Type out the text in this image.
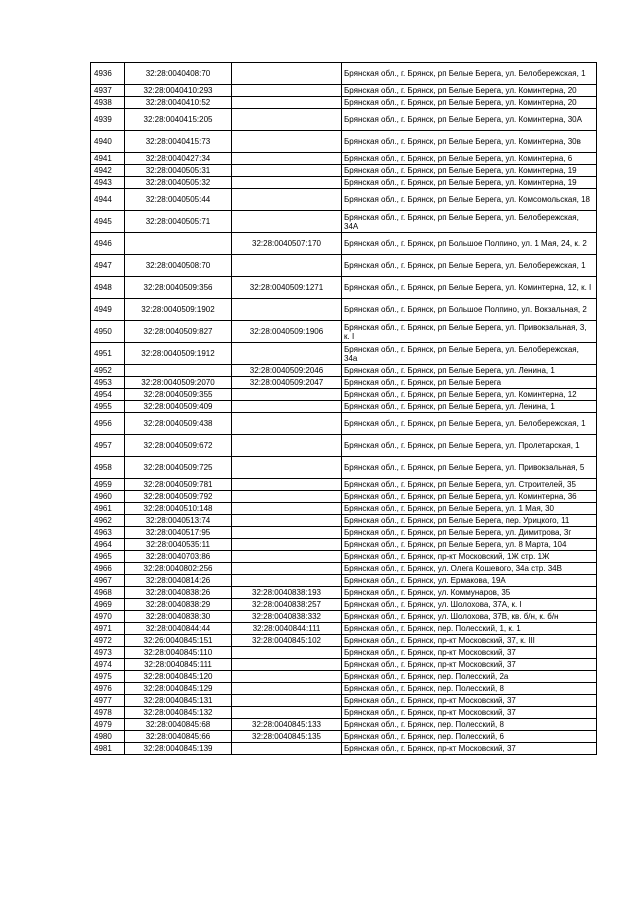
4936	32:28:0040408:70		Брянская обл., г. Брянск, рп Белые Берега, ул. Белобережская, 1
4937	32:28:0040410:293		Брянская обл., г. Брянск, рп Белые Берега, ул. Коминтерна, 20
4938	32:28:0040410:52		Брянская обл., г. Брянск, рп Белые Берега, ул. Коминтерна, 20
4939	32:28:0040415:205		Брянская обл., г. Брянск, рп Белые Берега, ул. Коминтерна, 30А
4940	32:28:0040415:73		Брянская обл., г. Брянск, рп Белые Берега, ул. Коминтерна, 30в
4941	32:28:0040427:34		Брянская обл., г. Брянск, рп Белые Берега, ул. Коминтерна, 6
4942	32:28:0040505:31		Брянская обл., г. Брянск, рп Белые Берега, ул. Коминтерна, 19
4943	32:28:0040505:32		Брянская обл., г. Брянск, рп Белые Берега, ул. Коминтерна, 19
4944	32:28:0040505:44		Брянская обл., г. Брянск, рп Белые Берега, ул. Комсомольская, 18
4945	32:28:0040505:71		Брянская обл., г. Брянск, рп Белые Берега, ул. Белобережская, 34А
4946		32:28:0040507:170	Брянская обл., г. Брянск, рп Большое Полпино, ул. 1 Мая, 24, к. 2
4947	32:28:0040508:70		Брянская обл., г. Брянск, рп Белые Берега, ул. Белобережская, 1
4948	32:28:0040509:356	32:28:0040509:1271	Брянская обл., г. Брянск, рп Белые Берега, ул. Коминтерна, 12, к. I
4949	32:28:0040509:1902		Брянская обл., г. Брянск, рп Большое Полпино, ул. Вокзальная, 2
4950	32:28:0040509:827	32:28:0040509:1906	Брянская обл., г. Брянск, рп Белые Берега, ул. Привокзальная, 3, к. I
4951	32:28:0040509:1912		Брянская обл., г. Брянск, рп Белые Берега, ул. Белобережская, 34а
4952		32:28:0040509:2046	Брянская обл., г. Брянск, рп Белые Берега, ул. Ленина, 1
4953	32:28:0040509:2070	32:28:0040509:2047	Брянская обл., г. Брянск, рп Белые Берега
4954	32:28:0040509:355		Брянская обл., г. Брянск, рп Белые Берега, ул. Коминтерна, 12
4955	32:28:0040509:409		Брянская обл., г. Брянск, рп Белые Берега, ул. Ленина, 1
4956	32:28:0040509:438		Брянская обл., г. Брянск, рп Белые Берега, ул. Белобережская, 1
4957	32:28:0040509:672		Брянская обл., г. Брянск, рп Белые Берега, ул. Пролетарская, 1
4958	32:28:0040509:725		Брянская обл., г. Брянск, рп Белые Берега, ул. Привокзальная, 5
4959	32:28:0040509:781		Брянская обл., г. Брянск, рп Белые Берега, ул. Строителей, 35
4960	32:28:0040509:792		Брянская обл., г. Брянск, рп Белые Берега, ул. Коминтерна, 36
4961	32:28:0040510:148		Брянская обл., г. Брянск, рп Белые Берега, ул. 1 Мая, 30
4962	32:28:0040513:74		Брянская обл., г. Брянск, рп Белые Берега, пер. Урицкого, 11
4963	32:28:0040517:95		Брянская обл., г. Брянск, рп Белые Берега, ул. Димитрова, 3г
4964	32:28:0040535:11		Брянская обл., г. Брянск, рп Белые Берега, ул. 8 Марта, 104
4965	32:28:0040703:86		Брянская обл., г. Брянск, пр-кт Московский, 1Ж стр. 1Ж
4966	32:28:0040802:256		Брянская обл., г. Брянск, ул. Олега Кошевого, 34а стр. 34В
4967	32:28:0040814:26		Брянская обл., г. Брянск, ул. Ермакова, 19А
4968	32:28:0040838:26	32:28:0040838:193	Брянская обл., г. Брянск, ул. Коммунаров, 35
4969	32:28:0040838:29	32:28:0040838:257	Брянская обл., г. Брянск, ул. Шолохова, 37А, к. I
4970	32:28:0040838:30	32:28:0040838:332	Брянская обл., г. Брянск, ул. Шолохова, 37В, кв. б/н, к. б/н
4971	32:28:0040844:44	32:28:0040844:111	Брянская обл., г. Брянск, пер. Полесский, 1, к. 1
4972	32:26:0040845:151	32:28:0040845:102	Брянская обл., г. Брянск, пр-кт Московский, 37, к. III
4973	32:28:0040845:110		Брянская обл., г. Брянск, пр-кт Московский, 37
4974	32:28:0040845:111		Брянская обл., г. Брянск, пр-кт Московский, 37
4975	32:28:0040845:120		Брянская обл., г. Брянск, пер. Полесский, 2а
4976	32:28:0040845:129		Брянская обл., г. Брянск, пер. Полесский, 8
4977	32:28:0040845:131		Брянская обл., г. Брянск, пр-кт Московский, 37
4978	32:28:0040845:132		Брянская обл., г. Брянск, пр-кт Московский, 37
4979	32:28:0040845:68	32:28:0040845:133	Брянская обл., г. Брянск, пер. Полесский, 8
4980	32:28:0040845:66	32:28:0040845:135	Брянская обл., г. Брянск, пер. Полесский, 6
4981	32:28:0040845:139		Брянская обл., г. Брянск, пр-кт Московский, 37
